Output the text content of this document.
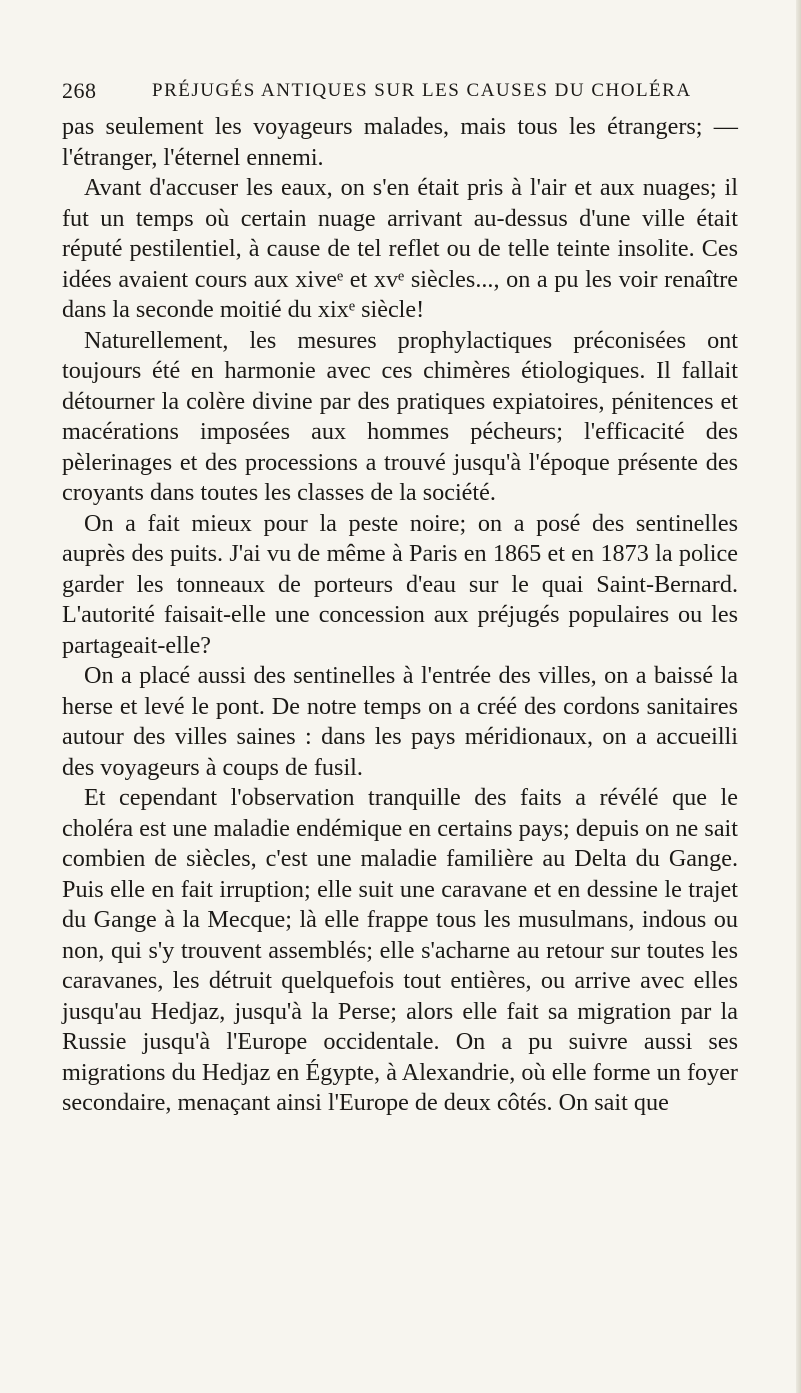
268	PRÉJUGÉS ANTIQUES SUR LES CAUSES DU CHOLÉRA

pas seulement les voyageurs malades, mais tous les étrangers; — l'étranger, l'éternel ennemi.

Avant d'accuser les eaux, on s'en était pris à l'air et aux nuages; il fut un temps où certain nuage arrivant au-dessus d'une ville était réputé pestilentiel, à cause de tel reflet ou de telle teinte insolite. Ces idées avaient cours aux xiveᵉ et xvᵉ siècles..., on a pu les voir renaître dans la seconde moitié du xixᵉ siècle!

Naturellement, les mesures prophylactiques préconisées ont toujours été en harmonie avec ces chimères étiologiques. Il fallait détourner la colère divine par des pratiques expiatoires, pénitences et macérations imposées aux hommes pécheurs; l'efficacité des pèlerinages et des processions a trouvé jusqu'à l'époque présente des croyants dans toutes les classes de la société.

On a fait mieux pour la peste noire; on a posé des sentinelles auprès des puits. J'ai vu de même à Paris en 1865 et en 1873 la police garder les tonneaux de porteurs d'eau sur le quai Saint-Bernard. L'autorité faisait-elle une concession aux préjugés populaires ou les partageait-elle?

On a placé aussi des sentinelles à l'entrée des villes, on a baissé la herse et levé le pont. De notre temps on a créé des cordons sanitaires autour des villes saines : dans les pays méridionaux, on a accueilli des voyageurs à coups de fusil.

Et cependant l'observation tranquille des faits a révélé que le choléra est une maladie endémique en certains pays; depuis on ne sait combien de siècles, c'est une maladie familière au Delta du Gange. Puis elle en fait irruption; elle suit une caravane et en dessine le trajet du Gange à la Mecque; là elle frappe tous les musulmans, indous ou non, qui s'y trouvent assemblés; elle s'acharne au retour sur toutes les caravanes, les détruit quelquefois tout entières, ou arrive avec elles jusqu'au Hedjaz, jusqu'à la Perse; alors elle fait sa migration par la Russie jusqu'à l'Europe occidentale. On a pu suivre aussi ses migrations du Hedjaz en Égypte, à Alexandrie, où elle forme un foyer secondaire, menaçant ainsi l'Europe de deux côtés. On sait que
